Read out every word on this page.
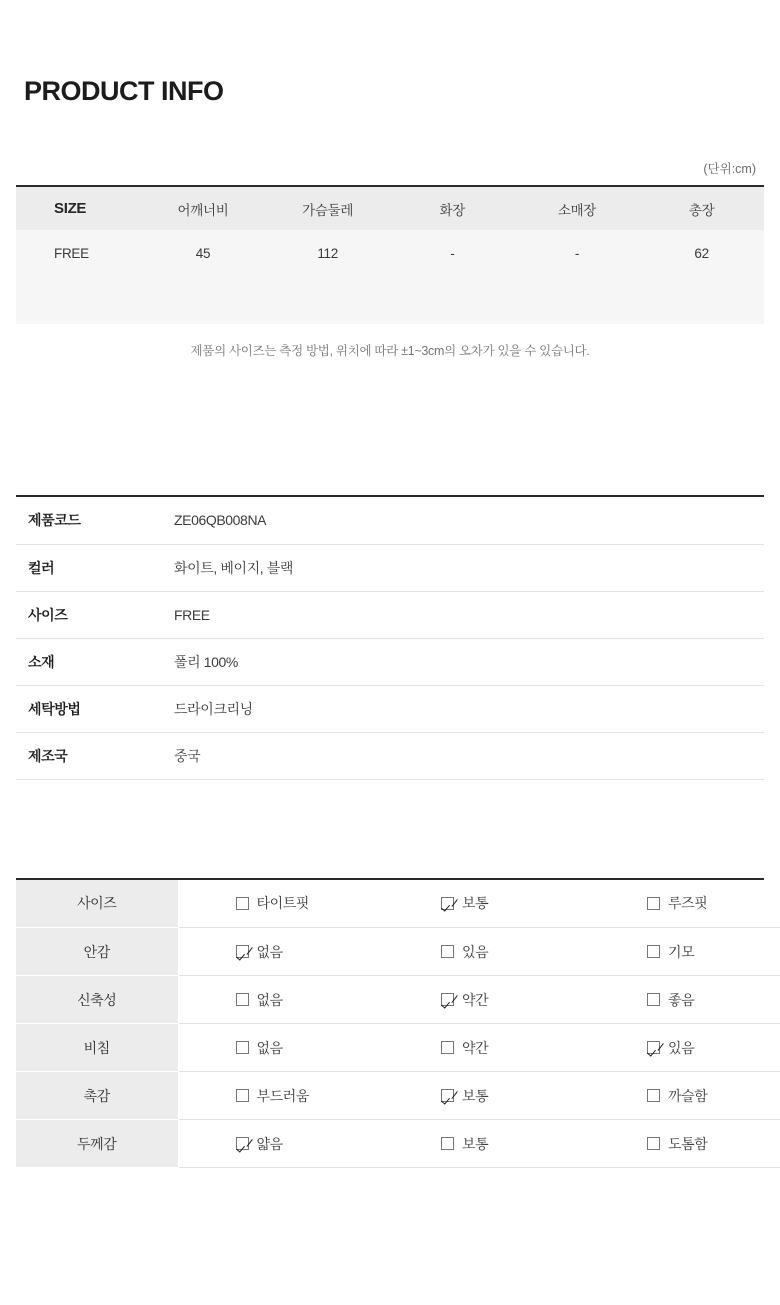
PRODUCT INFO
(단위:cm)
SIZE	어깨너비	가슴둘레	화장	소매장	총장
FREE	45	112	-	-	62

제품의 사이즈는 측정 방법, 위치에 따라 ±1~3cm의 오차가 있을 수 있습니다.
제품코드	ZE06QB008NA
컬러	화이트, 베이지, 블랙
사이즈	FREE
소재	폴리 100%
세탁방법	드라이크리닝
제조국	중국
사이즈	타이트핏	보통	루즈핏

안감	없음	있음	기모

신축성	없음	약간	좋음

비침	없음	약간	있음

촉감	부드러움	보통	까슬함

두께감	얇음	보통	도톰함
